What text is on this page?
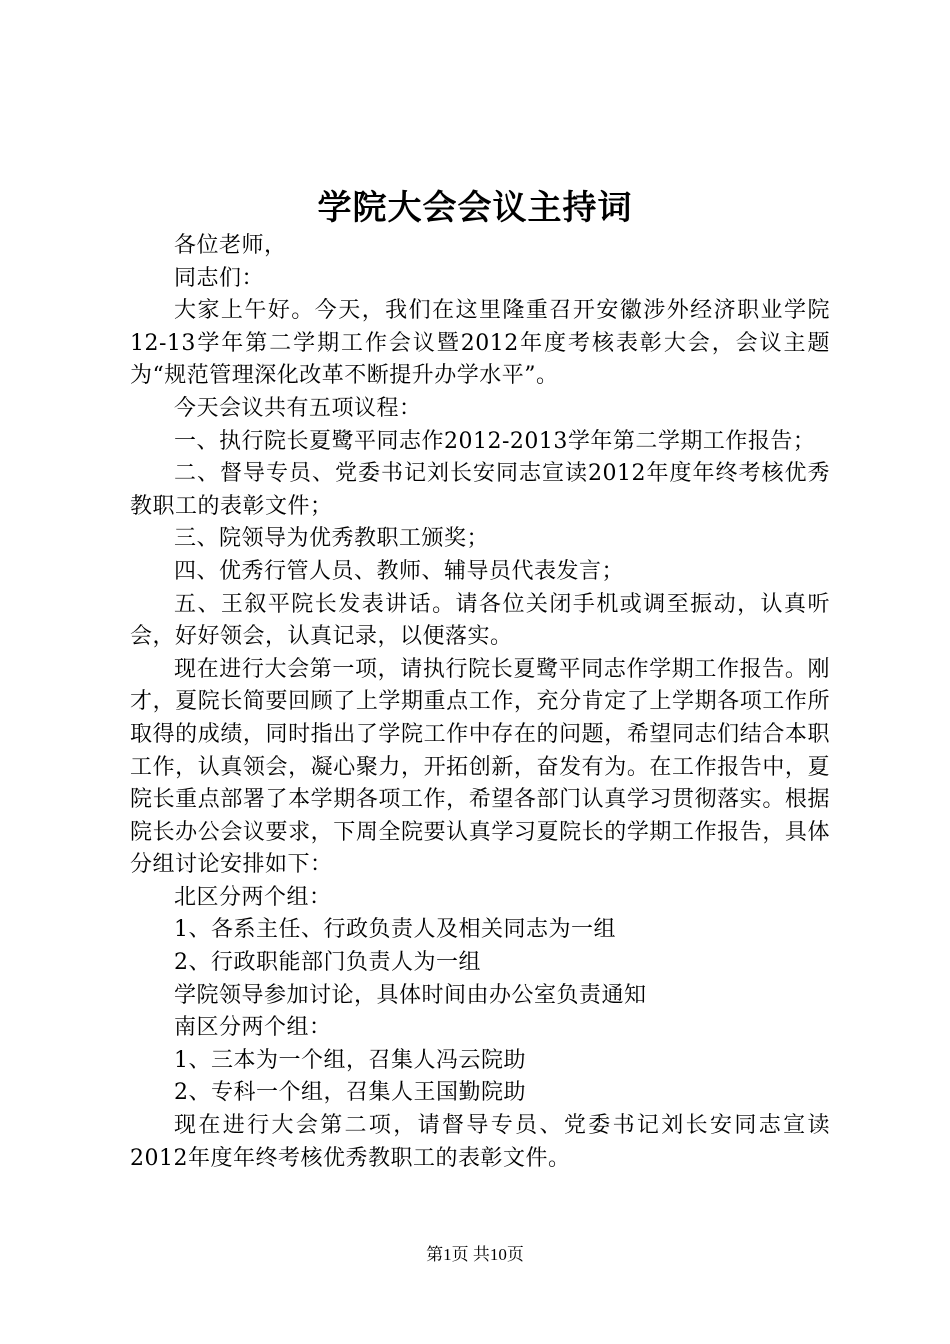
学院大会会议主持词

各位老师，

同志们：

大家上午好。今天，我们在这里隆重召开安徽涉外经济职业学院12-13学年第二学期工作会议暨2012年度考核表彰大会，会议主题为“规范管理深化改革不断提升办学水平”。

今天会议共有五项议程：

一、执行院长夏鹭平同志作2012-2013学年第二学期工作报告；

二、督导专员、党委书记刘长安同志宣读2012年度年终考核优秀教职工的表彰文件；

三、院领导为优秀教职工颁奖；

四、优秀行管人员、教师、辅导员代表发言；

五、王叙平院长发表讲话。请各位关闭手机或调至振动，认真听会，好好领会，认真记录，以便落实。

现在进行大会第一项，请执行院长夏鹭平同志作学期工作报告。刚才，夏院长简要回顾了上学期重点工作，充分肯定了上学期各项工作所取得的成绩，同时指出了学院工作中存在的问题，希望同志们结合本职工作，认真领会，凝心聚力，开拓创新，奋发有为。在工作报告中，夏院长重点部署了本学期各项工作，希望各部门认真学习贯彻落实。根据院长办公会议要求，下周全院要认真学习夏院长的学期工作报告，具体分组讨论安排如下：

北区分两个组：

1、各系主任、行政负责人及相关同志为一组

2、行政职能部门负责人为一组

学院领导参加讨论，具体时间由办公室负责通知

南区分两个组：

1、三本为一个组，召集人冯云院助

2、专科一个组，召集人王国勤院助

现在进行大会第二项，请督导专员、党委书记刘长安同志宣读2012年度年终考核优秀教职工的表彰文件。

第1页 共10页
